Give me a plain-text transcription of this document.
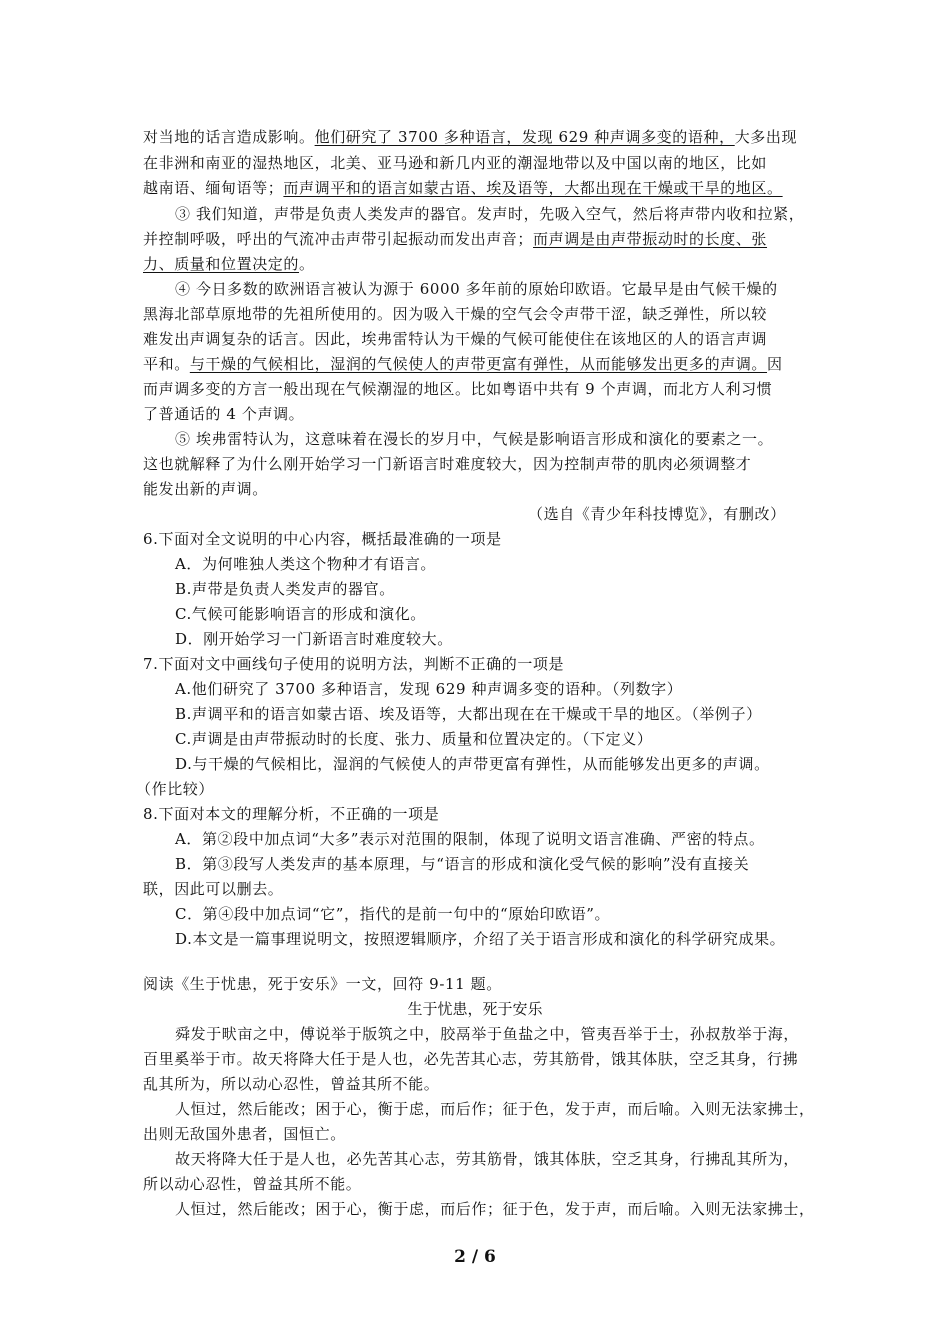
对当地的话言造成影响。他们研究了 3700 多种语言，发现 629 种声调多变的语种，大多出现
在非洲和南亚的湿热地区，北美、亚马逊和新几内亚的潮湿地带以及中国以南的地区，比如
越南语、缅甸语等；而声调平和的语言如蒙古语、埃及语等，大都出现在干燥或干旱的地区。
③ 我们知道，声带是负责人类发声的器官。发声时，先吸入空气，然后将声带内收和拉紧，
并控制呼吸，呼出的气流冲击声带引起振动而发出声音；而声调是由声带振动时的长度、张
力、质量和位置决定的。
④ 今日多数的欧洲语言被认为源于 6000 多年前的原始印欧语。它最早是由气候干燥的
黑海北部草原地带的先祖所使用的。因为吸入干燥的空气会令声带干涩，缺乏弹性，所以较
难发出声调复杂的话言。因此，埃弗雷特认为干燥的气候可能使住在该地区的人的语言声调
平和。与干燥的气候相比，湿润的气候使人的声带更富有弹性，从而能够发出更多的声调。因
而声调多变的方言一般出现在气候潮湿的地区。比如粤语中共有 9 个声调，而北方人利习惯
了普通话的 4 个声调。
⑤ 埃弗雷特认为，这意味着在漫长的岁月中，气候是影响语言形成和演化的要素之一。
这也就解释了为什么刚开始学习一门新语言时难度较大，因为控制声带的肌肉必须调整才
能发出新的声调。
（选自《青少年科技博览》，有删改）
6.下面对全文说明的中心内容，概括最准确的一项是
A．为何唯独人类这个物种才有语言。
B.声带是负责人类发声的器官。
C.气候可能影响语言的形成和演化。
D．刚开始学习一门新语言时难度较大。
7.下面对文中画线句子使用的说明方法，判断不正确的一项是
A.他们研究了 3700 多种语言，发现 629 种声调多变的语种。（列数字）
B.声调平和的语言如蒙古语、埃及语等，大都出现在在干燥或干旱的地区。（举例子）
C.声调是由声带振动时的长度、张力、质量和位置决定的。（下定义）
D.与干燥的气候相比，湿润的气候使人的声带更富有弹性，从而能够发出更多的声调。
（作比较）
8.下面对本文的理解分析，不正确的一项是
A．第②段中加点词“大多”表示对范围的限制，体现了说明文语言准确、严密的特点。
B．第③段写人类发声的基本原理，与“语言的形成和演化受气候的影响”没有直接关
联，因此可以删去。
C．第④段中加点词“它”，指代的是前一句中的“原始印欧语”。
D.本文是一篇事理说明文，按照逻辑顺序，介绍了关于语言形成和演化的科学研究成果。
阅读《生于忧患，死于安乐》一文，回符 9-11 题。
生于忧患，死于安乐
舜发于畎亩之中，傅说举于版筑之中，胶鬲举于鱼盐之中，管夷吾举于士，孙叔敖举于海，
百里奚举于市。故天将降大任于是人也，必先苦其心志，劳其筋骨，饿其体肤，空乏其身，行拂
乱其所为，所以动心忍性，曾益其所不能。
人恒过，然后能改；困于心，衡于虑，而后作；征于色，发于声，而后喻。入则无法家拂士，
出则无敌国外患者，国恒亡。
故天将降大任于是人也，必先苦其心志，劳其筋骨，饿其体肤，空乏其身，行拂乱其所为，
所以动心忍性，曾益其所不能。
人恒过，然后能改；困于心，衡于虑，而后作；征于色，发于声，而后喻。入则无法家拂士，
2 / 6
